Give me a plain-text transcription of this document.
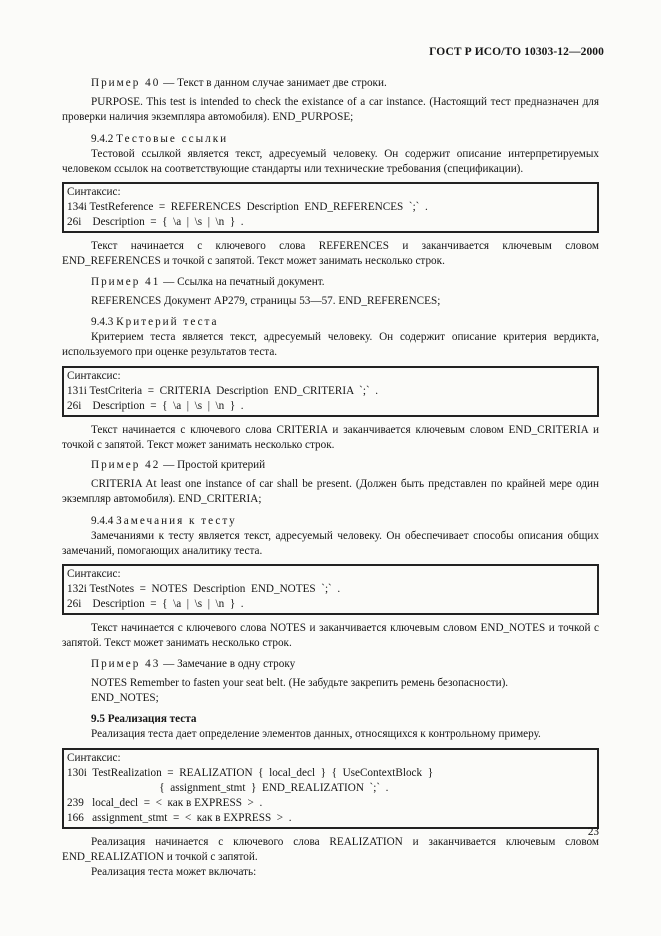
ГОСТ Р ИСО/ТО 10303-12—2000

Пример 40 — Текст в данном случае занимает две строки.

PURPOSE. This test is intended to check the existance of a car instance. (Настоящий тест предназначен для проверки наличия экземпляра автомобиля). END_PURPOSE;

9.4.2 Тестовые ссылки

Тестовой ссылкой является текст, адресуемый человеку. Он содержит описание интерпретируемых человеком ссылок на соответствующие стандарты или технические требования (спецификации).

Синтаксис:
134i TestReference  =  REFERENCES  Description  END_REFERENCES  `;`  .
26i    Description  =  {  \a  |  \s  |  \n  }  .

Текст начинается с ключевого слова REFERENCES и заканчивается ключевым словом END_REFERENCES и точкой с запятой. Текст может занимать несколько строк.

Пример 41 — Ссылка на печатный документ.

REFERENCES Документ AP279, страницы 53—57. END_REFERENCES;

9.4.3 Критерий теста

Критерием теста является текст, адресуемый человеку. Он содержит описание критерия вердикта, используемого при оценке результатов теста.

Синтаксис:
131i TestCriteria  =  CRITERIA  Description  END_CRITERIA  `;`  .
26i    Description  =  {  \a  |  \s  |  \n  }  .

Текст начинается с ключевого слова CRITERIA и заканчивается ключевым словом END_CRITERIA и точкой с запятой. Текст может занимать несколько строк.

Пример 42 — Простой критерий

CRITERIA At least one instance of car shall be present. (Должен быть представлен по крайней мере один экземпляр автомобиля). END_CRITERIA;

9.4.4 Замечания к тесту

Замечаниями к тесту является текст, адресуемый человеку. Он обеспечивает способы описания общих замечаний, помогающих аналитику теста.

Синтаксис:
132i TestNotes  =  NOTES  Description  END_NOTES  `;`  .
26i    Description  =  {  \a  |  \s  |  \n  }  .

Текст начинается с ключевого слова NOTES и заканчивается ключевым словом END_NOTES и точкой с запятой. Текст может занимать несколько строк.

Пример 43 — Замечание в одну строку

NOTES Remember to fasten your seat belt. (Не забудьте закрепить ремень безопасности).

END_NOTES;

9.5 Реализация теста

Реализация теста дает определение элементов данных, относящихся к контрольному примеру.

Синтаксис:
130i  TestRealization  =  REALIZATION  {  local_decl  }  {  UseContextBlock  }
{  assignment_stmt  }  END_REALIZATION  `;`  .
239   local_decl  =  <  как в EXPRESS  >  .
166   assignment_stmt  =  <  как в EXPRESS  >  .

Реализация начинается с ключевого слова REALIZATION и заканчивается ключевым словом END_REALIZATION и точкой с запятой.

Реализация теста может включать:

23
